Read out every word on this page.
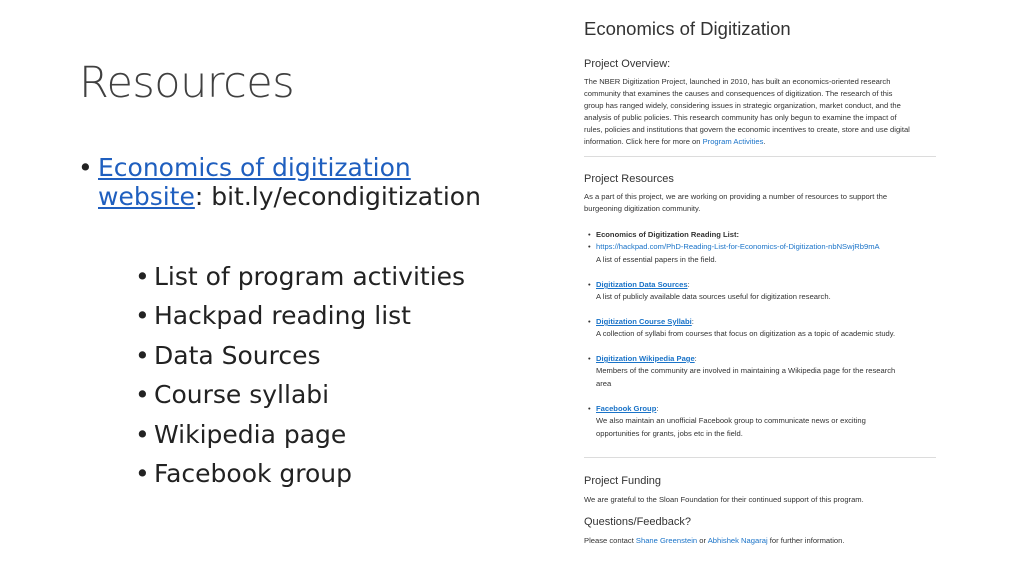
Resources
• Economics of digitization
website: bit.ly/econdigitization
• List of program activities
• Hackpad reading list
• Data Sources
• Course syllabi
• Wikipedia page
• Facebook group
Economics of Digitization
Project Overview:
The NBER Digitization Project, launched in 2010, has built an economics-oriented research
community that examines the causes and consequences of digitization. The research of this
group has ranged widely, considering issues in strategic organization, market conduct, and the
analysis of public policies. This research community has only begun to examine the impact of
rules, policies and institutions that govern the economic incentives to create, store and use digital
information. Click here for more on Program Activities.
Project Resources
As a part of this project, we are working on providing a number of resources to support the
burgeoning digitization community.
• Economics of Digitization Reading List:
https://hackpad.com/PhD-Reading-List-for-Economics-of-Digitization-nbNSwjRb9mA
A list of essential papers in the field.
•
• Digitization Data Sources:
A list of publicly available data sources useful for digitization research.
• Digitization Course Syllabi:
A collection of syllabi from courses that focus on digitization as a topic of academic study.
• Digitization Wikipedia Page:
Members of the community are involved in maintaining a Wikipedia page for the research
area
• Facebook Group:
We also maintain an unofficial Facebook group to communicate news or exciting
opportunities for grants, jobs etc in the field.
Project Funding
We are grateful to the Sloan Foundation for their continued support of this program.
Questions/Feedback?
Please contact Shane Greenstein or Abhishek Nagaraj for further information.
